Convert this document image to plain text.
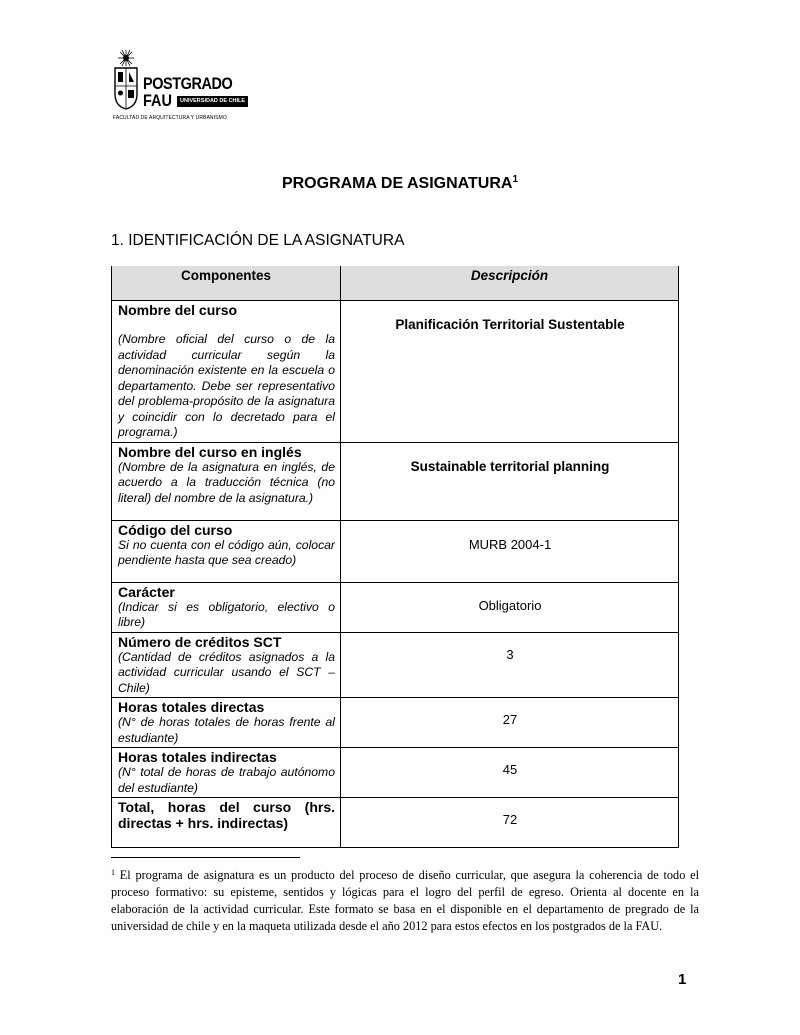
POSTGRADO
FAU	UNIVERSIDAD DE CHILE
FACULTAD DE ARQUITECTURA Y URBANISMO
PROGRAMA DE ASIGNATURA$^1$
1. IDENTIFICACIÓN DE LA ASIGNATURA
Componentes	Descripción

Nombre del curso
(Nombre oficial del curso o de la actividad curricular según la denominación existente en la escuela o departamento. Debe ser representativo del problema-propósito de la asignatura y coincidir con lo decretado para el programa.)	Planificación Territorial Sustentable

Nombre del curso en inglés
(Nombre de la asignatura en inglés, de acuerdo a la traducción técnica (no literal) del nombre de la asignatura.)	Sustainable territorial planning

Código del curso
Si no cuenta con el código aún, colocar pendiente hasta que sea creado)	MURB 2004-1

Carácter
(Indicar si es obligatorio, electivo o libre)	Obligatorio

Número de créditos SCT
(Cantidad de créditos asignados a la actividad curricular usando el SCT – Chile)	3

Horas totales directas
(N° de horas totales de horas frente al estudiante)	27

Horas totales indirectas
(N° total de horas de trabajo autónomo del estudiante)	45

Total, horas del curso (hrs. directas + hrs. indirectas)	72
$^1$ El programa de asignatura es un producto del proceso de diseño curricular, que asegura la coherencia de todo el proceso formativo: su episteme, sentidos y lógicas para el logro del perfil de egreso. Orienta al docente en la elaboración de la actividad curricular. Este formato se basa en el disponible en el departamento de pregrado de la universidad de chile y en la maqueta utilizada desde el año 2012 para estos efectos en los postgrados de la FAU.
1
